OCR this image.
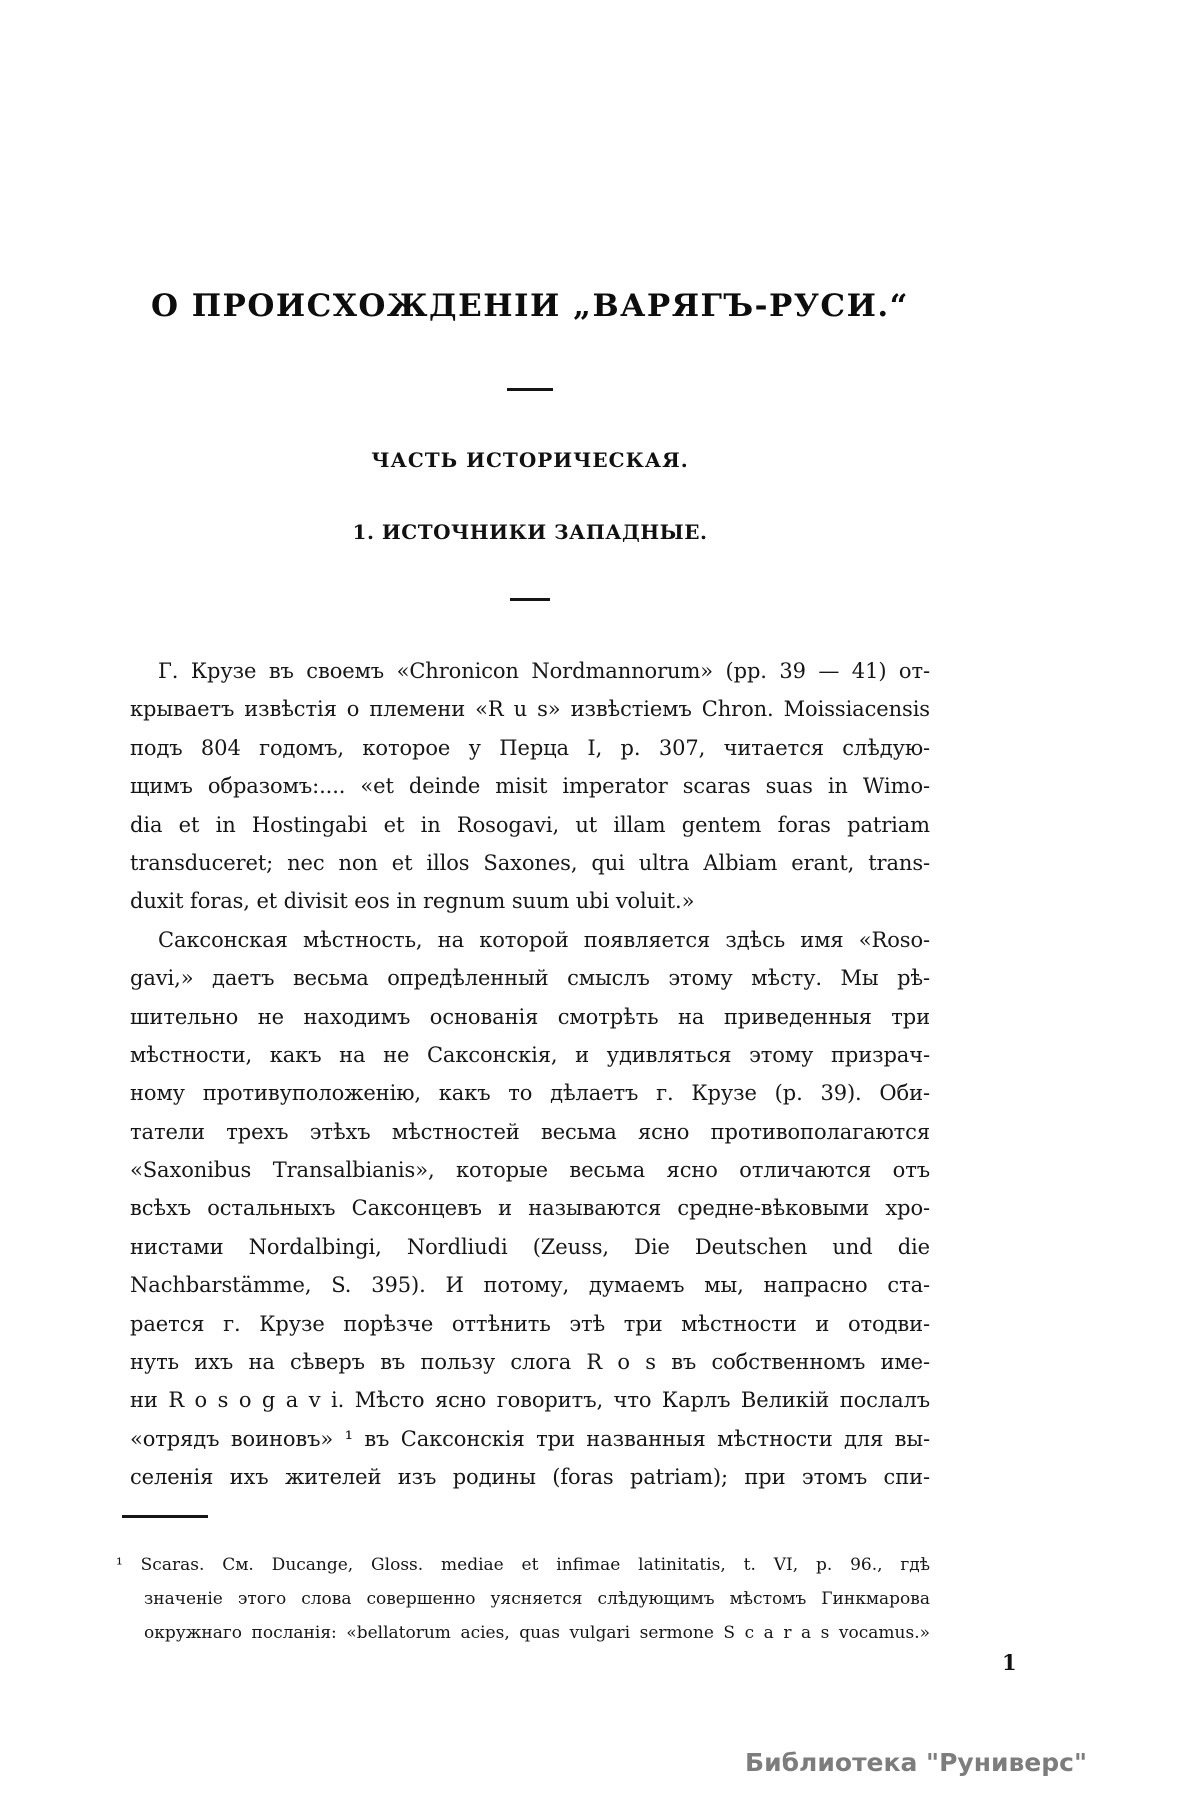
О ПРОИСХОЖДЕНІИ „ВАРЯГЪ-РУСИ.“
ЧАСТЬ ИСТОРИЧЕСКАЯ.
1. ИСТОЧНИКИ ЗАПАДНЫЕ.
Г. Крузе въ своемъ «Chronicon Nordmannorum» (pp. 39 — 41) от-
крываетъ извѣстія о племени «R u s» извѣстіемъ Chron. Moissiacensis
подъ 804 годомъ, которое у Перца I, p. 307, читается слѣдую-
щимъ образомъ:.... «et deinde misit imperator scaras suas in Wimo-
dia et in Hostingabi et in Rosogavi, ut illam gentem foras patriam
transduceret; nec non et illos Saxones, qui ultra Albiam erant, trans-
duxit foras, et divisit eos in regnum suum ubi voluit.»
Саксонская мѣстность, на которой появляется здѣсь имя «Roso-
gavi,» даетъ весьма опредѣленный смыслъ этому мѣсту. Мы рѣ-
шительно не находимъ основанія смотрѣть на приведенныя три
мѣстности, какъ на не Саксонскія, и удивляться этому призрач-
ному противуположенію, какъ то дѣлаетъ г. Крузе (p. 39). Оби-
татели трехъ этѣхъ мѣстностей весьма ясно противополагаются
«Saxonibus Transalbianis», которые весьма ясно отличаются отъ
всѣхъ остальныхъ Саксонцевъ и называются средне-вѣковыми хро-
нистами Nordalbingi, Nordliudi (Zeuss, Die Deutschen und die
Nachbarstämme, S. 395). И потому, думаемъ мы, напрасно ста-
рается г. Крузе порѣзче оттѣнить этѣ три мѣстности и отодви-
нуть ихъ на сѣверъ въ пользу слога R o s въ собственномъ име-
ни R o s o g a v i. Мѣсто ясно говоритъ, что Карлъ Великій послалъ
«отрядъ воиновъ» ¹ въ Саксонскія три названныя мѣстности для вы-
селенія ихъ жителей изъ родины (foras patriam); при этомъ спи-
¹ Scaras. См. Ducange, Gloss. mediae et infimae latinitatis, t. VI, p. 96., гдѣ
значеніе этого слова совершенно уясняется слѣдующимъ мѣстомъ Гинкмарова
окружнаго посланія: «bellatorum acies, quas vulgari sermone S c a r a s vocamus.»
1
Библиотека "Руниверс"
